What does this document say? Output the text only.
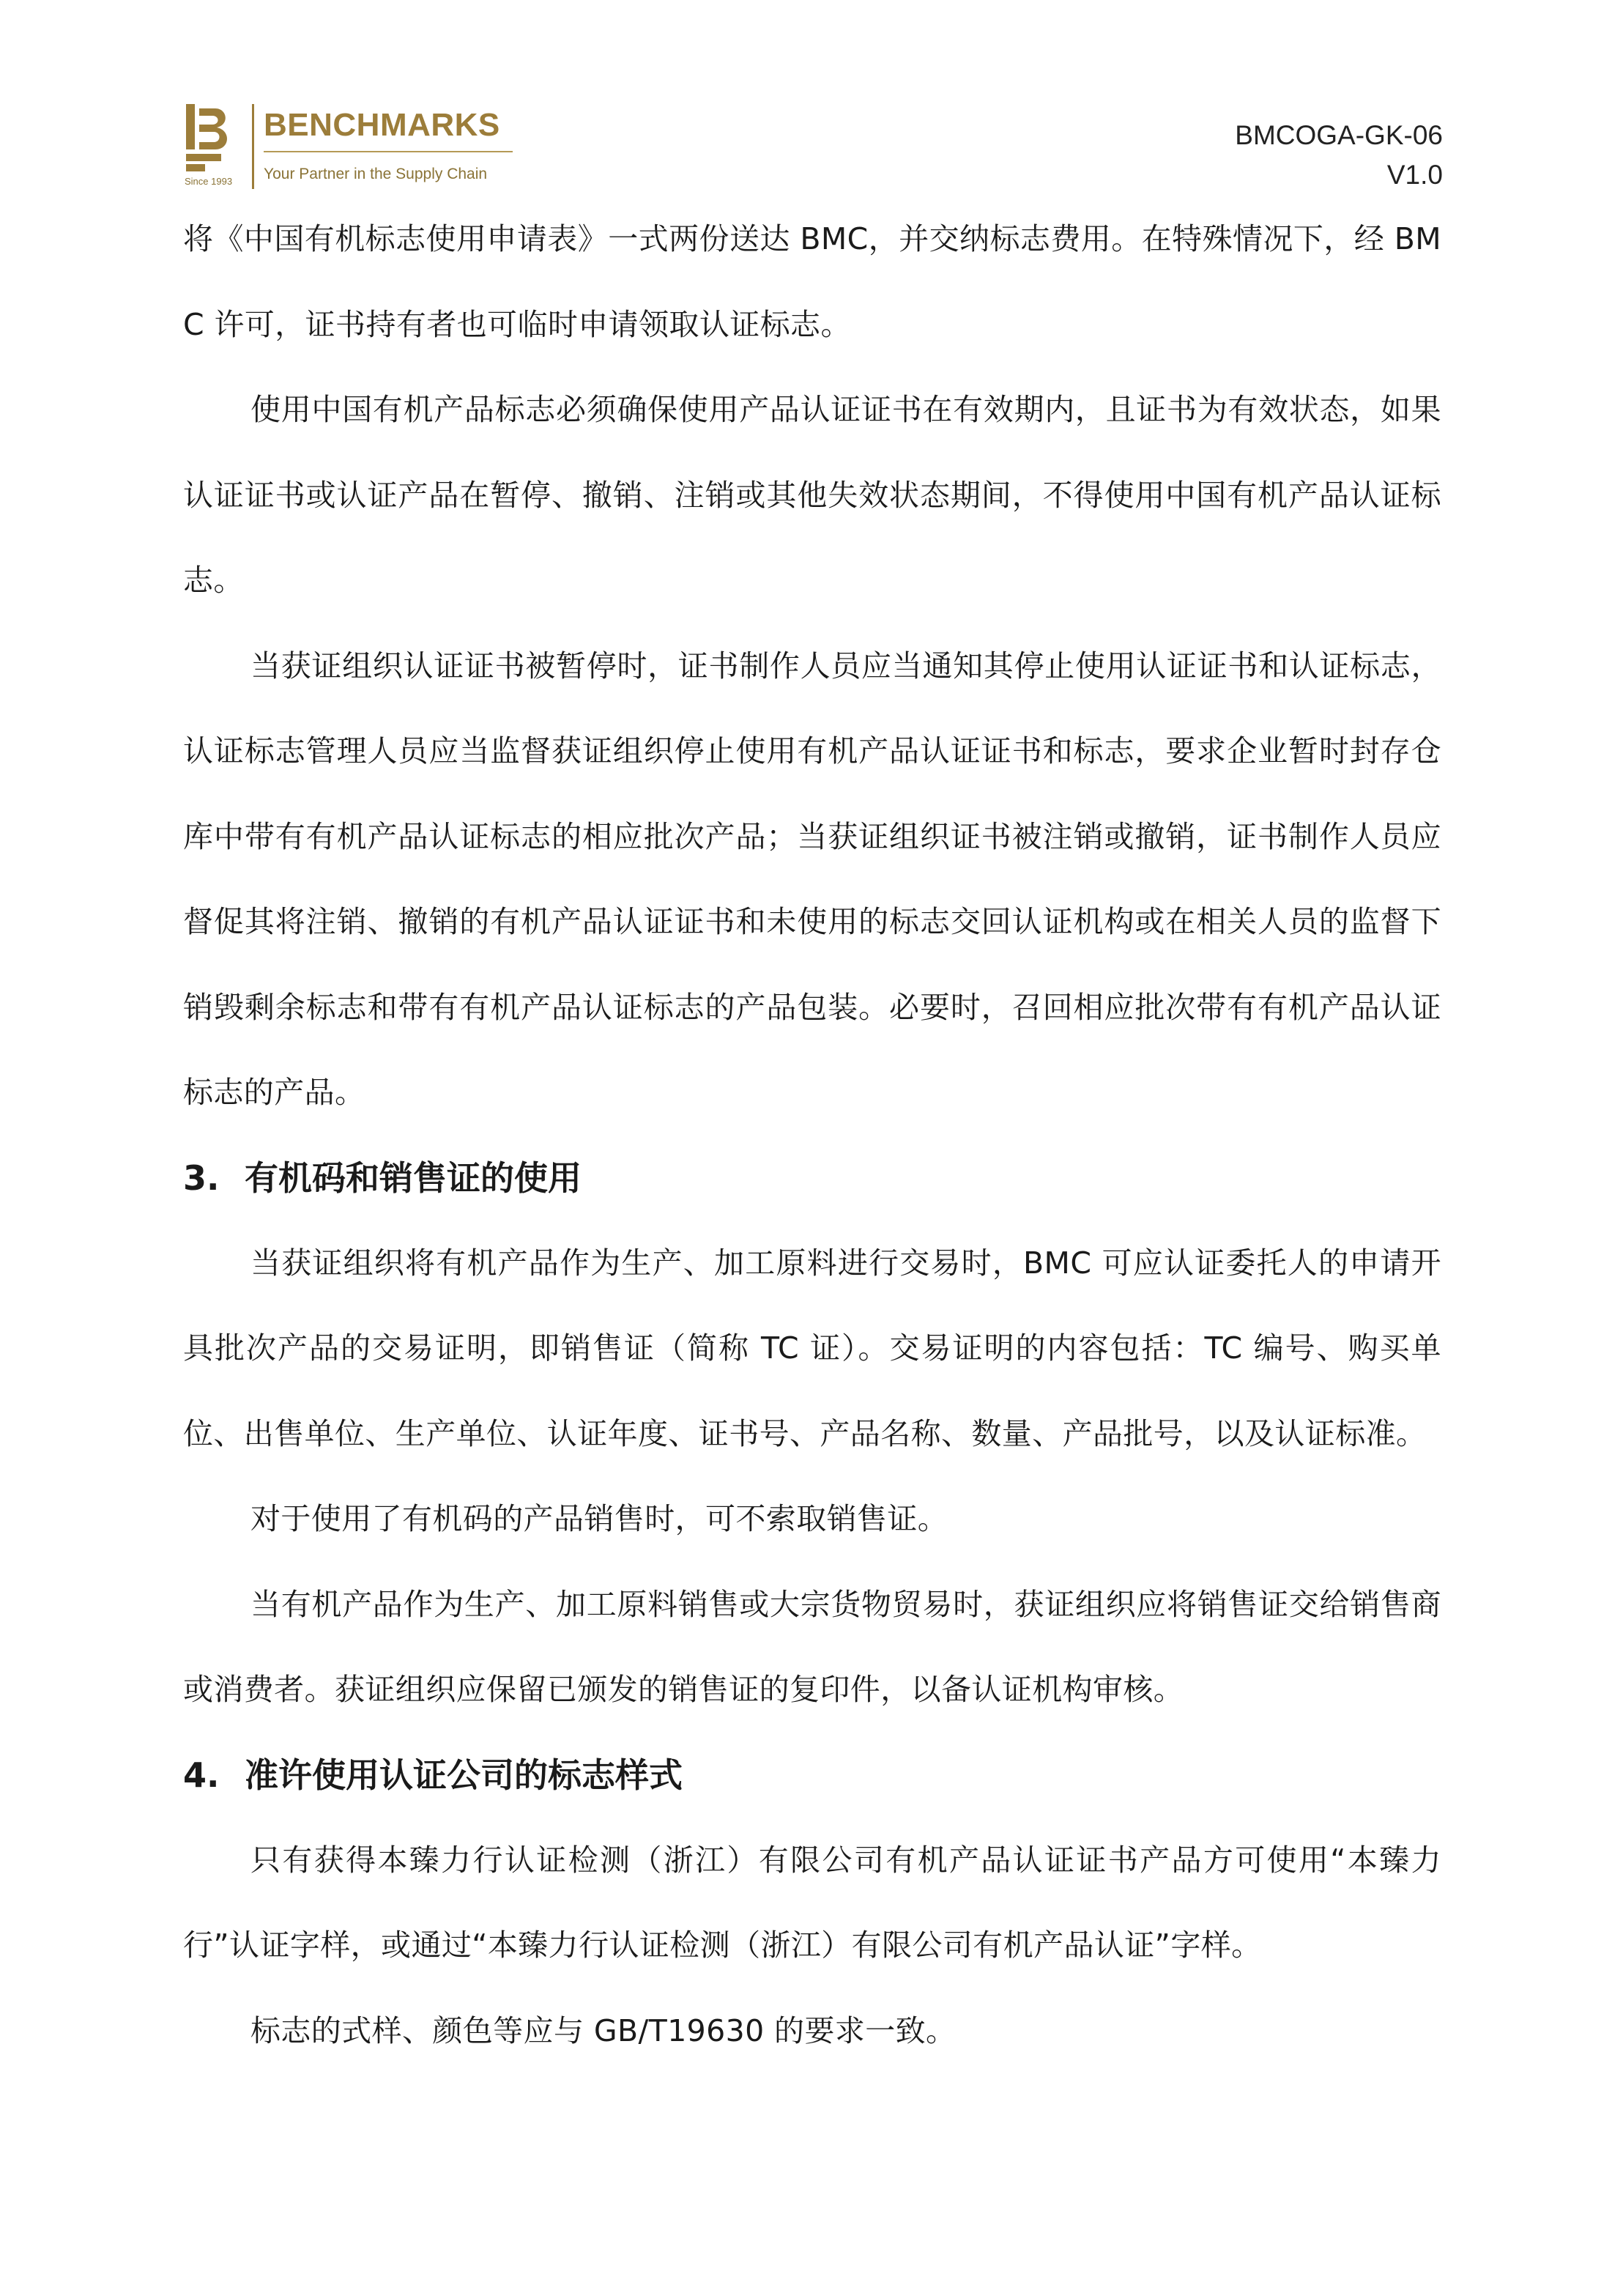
Since 1993
BENCHMARKS
Your Partner in the Supply Chain
BMCOGA-GK-06
V1.0

将《中国有机标志使用申请表》一式两份送达 BMC，并交纳标志费用。在特殊情况下，经 BMC 许可，证书持有者也可临时申请领取认证标志。

使用中国有机产品标志必须确保使用产品认证证书在有效期内，且证书为有效状态，如果认证证书或认证产品在暂停、撤销、注销或其他失效状态期间，不得使用中国有机产品认证标志。

当获证组织认证证书被暂停时，证书制作人员应当通知其停止使用认证证书和认证标志，认证标志管理人员应当监督获证组织停止使用有机产品认证证书和标志，要求企业暂时封存仓库中带有有机产品认证标志的相应批次产品；当获证组织证书被注销或撤销，证书制作人员应督促其将注销、撤销的有机产品认证证书和未使用的标志交回认证机构或在相关人员的监督下销毁剩余标志和带有有机产品认证标志的产品包装。必要时，召回相应批次带有有机产品认证标志的产品。

3. 有机码和销售证的使用

当获证组织将有机产品作为生产、加工原料进行交易时，BMC 可应认证委托人的申请开具批次产品的交易证明，即销售证（简称 TC 证）。交易证明的内容包括：TC 编号、购买单位、出售单位、生产单位、认证年度、证书号、产品名称、数量、产品批号，以及认证标准。

对于使用了有机码的产品销售时，可不索取销售证。

当有机产品作为生产、加工原料销售或大宗货物贸易时，获证组织应将销售证交给销售商或消费者。获证组织应保留已颁发的销售证的复印件，以备认证机构审核。

4. 准许使用认证公司的标志样式

只有获得本臻力行认证检测（浙江）有限公司有机产品认证证书产品方可使用“本臻力行”认证字样，或通过“本臻力行认证检测（浙江）有限公司有机产品认证”字样。

标志的式样、颜色等应与 GB/T19630 的要求一致。
